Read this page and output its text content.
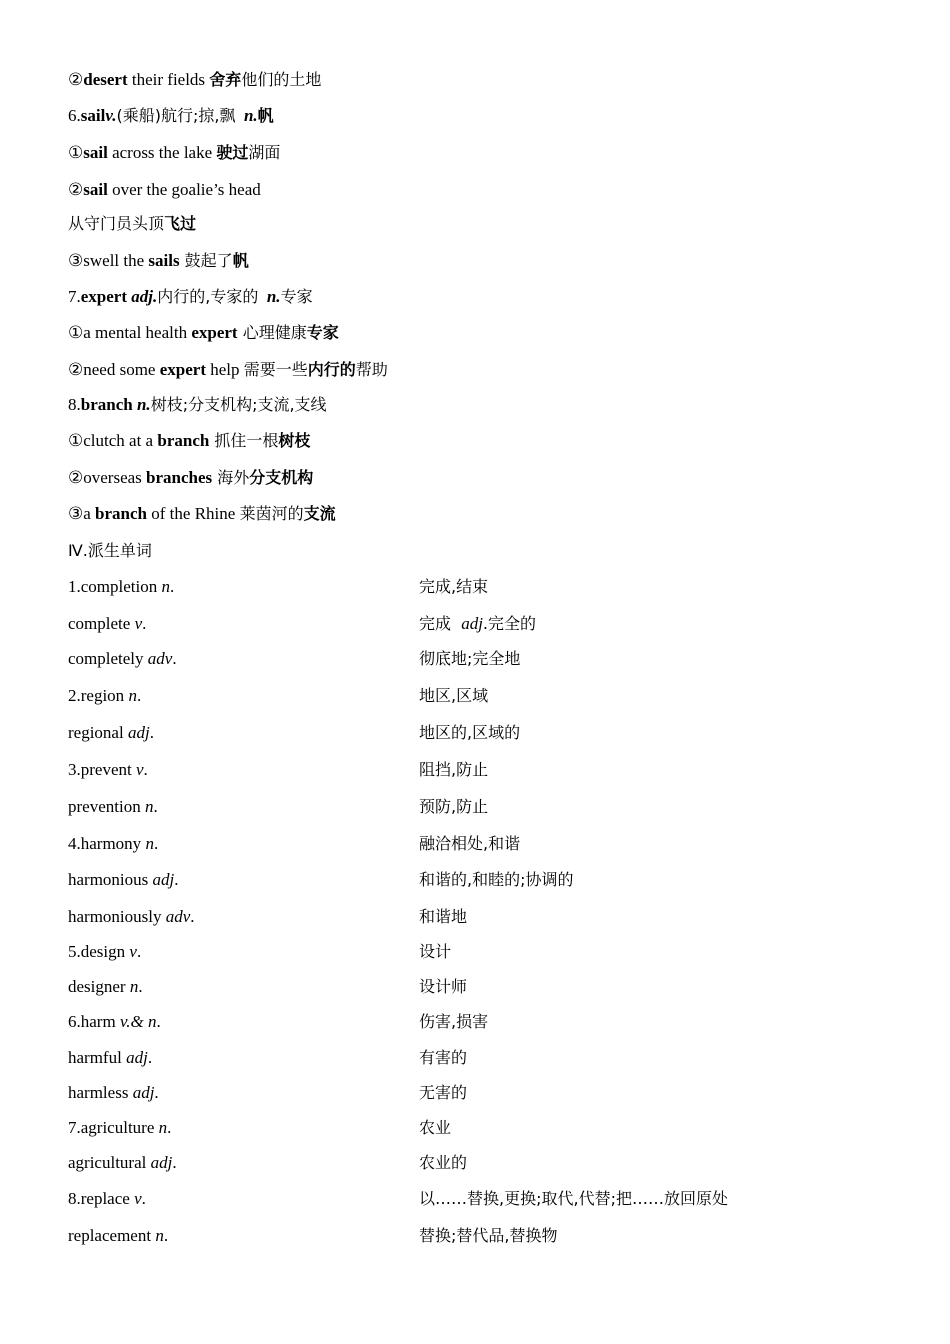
②desert their fields 舍弃他们的土地
6.sailv.(乘船)航行;掠,飘 n.帆
①sail across the lake 驶过湖面
②sail over the goalie’s head
从守门员头顶飞过
③swell the sails 鼓起了帆
7.expert adj.内行的,专家的 n.专家
①a mental health expert 心理健康专家
②need some expert help 需要一些内行的帮助
8.branch n.树枝;分支机构;支流,支线
①clutch at a branch 抓住一根树枝
②overseas branches 海外分支机构
③a branch of the Rhine 莱茵河的支流
Ⅳ.派生单词
1.completion n.	完成,结束
complete v.	完成 adj.完全的
completely adv.	彻底地;完全地
2.region n.	地区,区域
regional adj.	地区的,区域的
3.prevent v.	阻挡,防止
prevention n.	预防,防止
4.harmony n.	融洽相处,和谐
harmonious adj.	和谐的,和睦的;协调的
harmoniously adv.	和谐地
5.design v.	设计
designer n.	设计师
6.harm v.& n.	伤害,损害
harmful adj.	有害的
harmless adj.	无害的
7.agriculture n.	农业
agricultural adj.	农业的
8.replace v.	以……替换,更换;取代,代替;把……放回原处
replacement n.	替换;替代品,替换物
